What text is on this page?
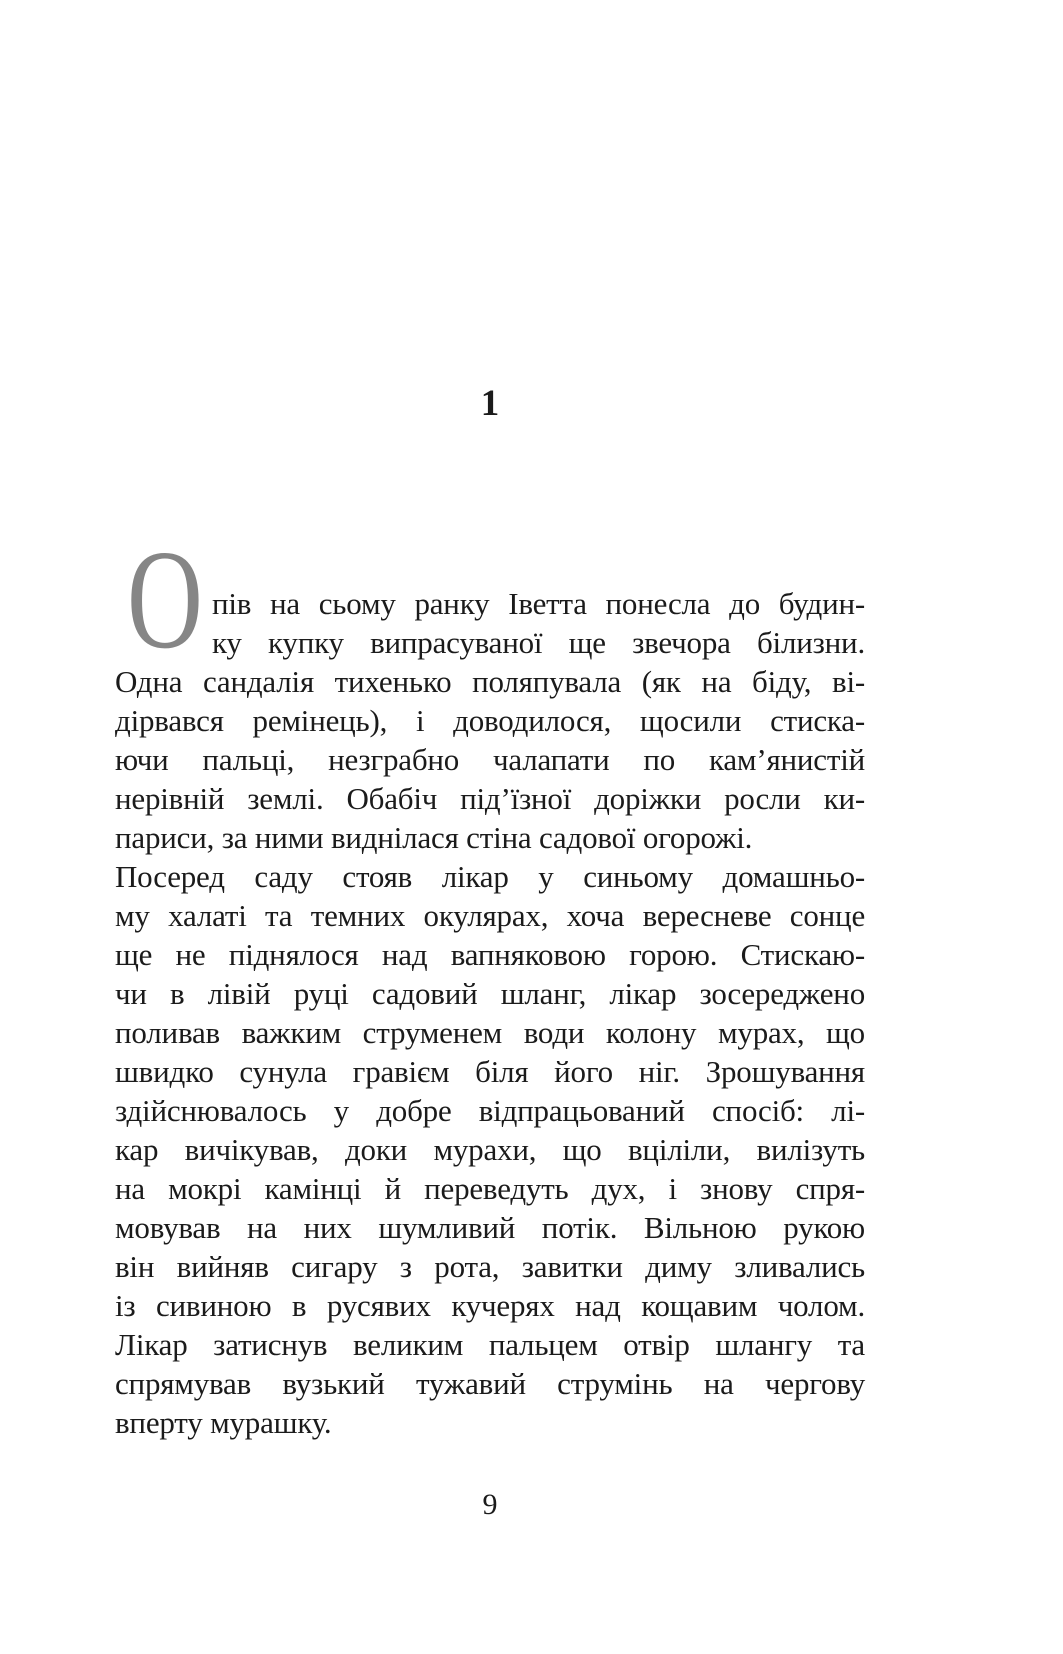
1
О пів на сьому ранку Іветта понесла до будин-
ку купку випрасуваної ще звечора білизни.
Одна сандалія тихенько поляпувала (як на біду, ві-
дірвався ремінець), і доводилося, щосили стиска-
ючи пальці, незграбно чалапати по кам’янистій
нерівній землі. Обабіч під’їзної доріжки росли ки-
париси, за ними виднілася стіна садової огорожі.
Посеред саду стояв лікар у синьому домашньо-
му халаті та темних окулярах, хоча вересневе сонце
ще не піднялося над вапняковою горою. Стискаю-
чи в лівій руці садовий шланг, лікар зосереджено
поливав важким струменем води колону мурах, що
швидко сунула гравієм біля його ніг. Зрошування
здійснювалось у добре відпрацьований спосіб: лі-
кар вичікував, доки мурахи, що вціліли, вилізуть
на мокрі камінці й переведуть дух, і знову спря-
мовував на них шумливий потік. Вільною рукою
він вийняв сигару з рота, завитки диму зливались
із сивиною в русявих кучерях над кощавим чолом.
Лікар затиснув великим пальцем отвір шлангу та
спрямував вузький тужавий струмінь на чергову
вперту мурашку.
9
